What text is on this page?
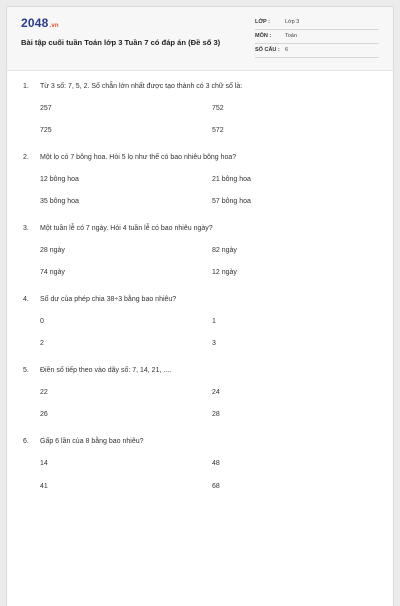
2048.vn
Bài tập cuối tuần Toán lớp 3 Tuần 7 có đáp án (Đề số 3)
LỚP :	Lớp 3
MÔN :	Toán
SỐ CÂU : 6
1. Từ 3 số: 7, 5, 2. Số chẵn lớn nhất được tạo thành có 3 chữ số là:
257	752
725	572
2. Một lọ có 7 bông hoa. Hỏi 5 lọ như thế có bao nhiêu bông hoa?
12 bông hoa	21 bông hoa
35 bông hoa	57 bông hoa
3. Một tuần lễ có 7 ngày. Hỏi 4 tuần lễ có bao nhiêu ngày?
28 ngày	82 ngày
74 ngày	12 ngày
4. Số dư của phép chia 38÷3 bằng bao nhiêu?
0	1
2	3
5. Điền số tiếp theo vào dãy số: 7, 14, 21, ....
22	24
26	28
6. Gấp 6 lần của 8 bằng bao nhiêu?
14	48
41	68
